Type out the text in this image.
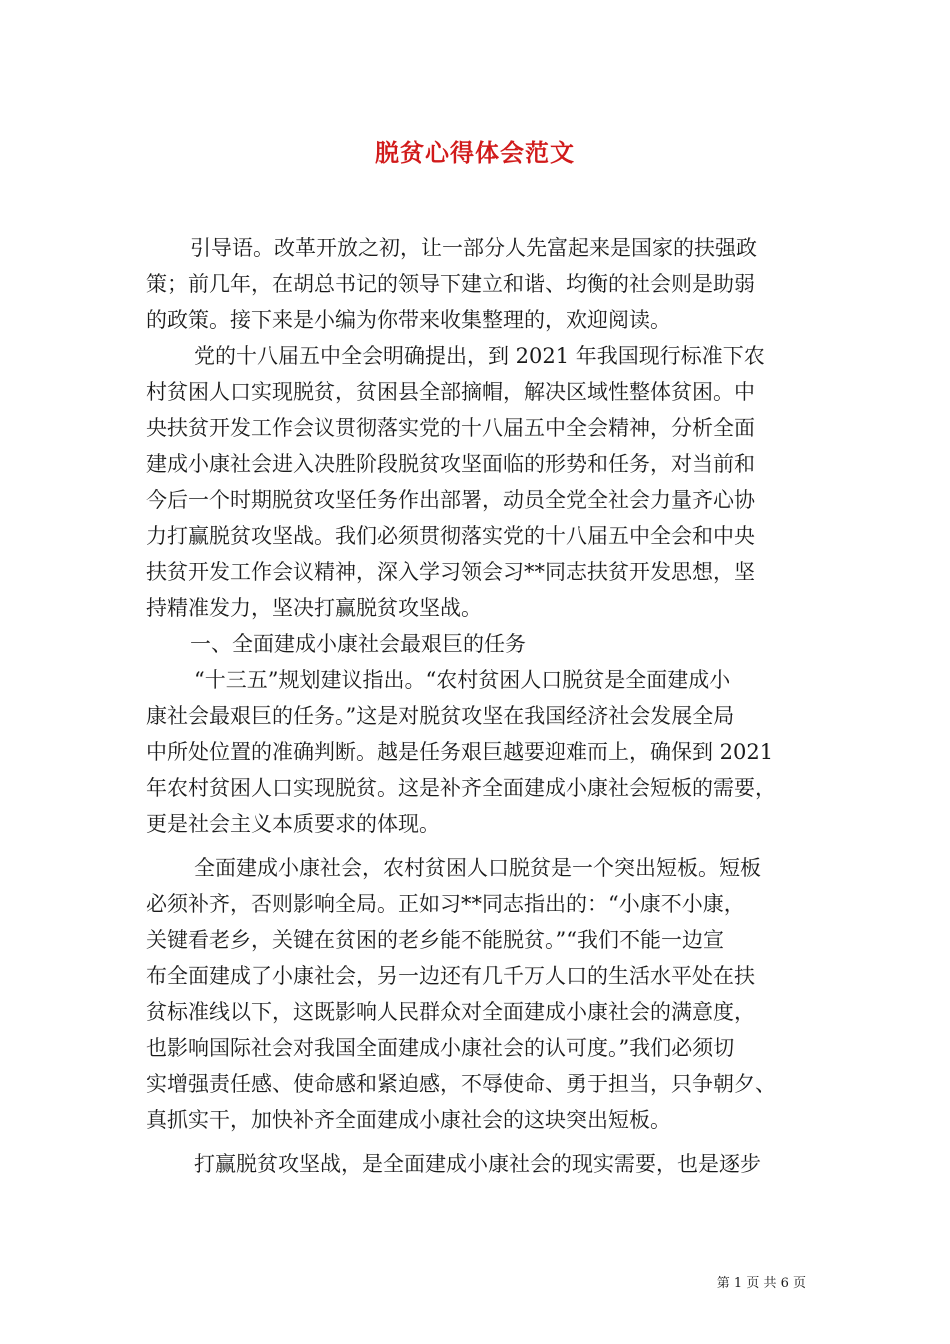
脱贫心得体会范文

引导语。改革开放之初，让一部分人先富起来是国家的扶强政

策；前几年，在胡总书记的领导下建立和谐、均衡的社会则是助弱

的政策。接下来是小编为你带来收集整理的，欢迎阅读。

党的十八届五中全会明确提出，到 2021 年我国现行标准下农

村贫困人口实现脱贫，贫困县全部摘帽，解决区域性整体贫困。中

央扶贫开发工作会议贯彻落实党的十八届五中全会精神，分析全面

建成小康社会进入决胜阶段脱贫攻坚面临的形势和任务，对当前和

今后一个时期脱贫攻坚任务作出部署，动员全党全社会力量齐心协

力打赢脱贫攻坚战。我们必须贯彻落实党的十八届五中全会和中央

扶贫开发工作会议精神，深入学习领会习**同志扶贫开发思想，坚

持精准发力，坚决打赢脱贫攻坚战。

一、全面建成小康社会最艰巨的任务

“十三五”规划建议指出。“农村贫困人口脱贫是全面建成小

康社会最艰巨的任务。”这是对脱贫攻坚在我国经济社会发展全局

中所处位置的准确判断。越是任务艰巨越要迎难而上，确保到 2021

年农村贫困人口实现脱贫。这是补齐全面建成小康社会短板的需要，

更是社会主义本质要求的体现。

全面建成小康社会，农村贫困人口脱贫是一个突出短板。短板

必须补齐，否则影响全局。正如习**同志指出的：“小康不小康，

关键看老乡，关键在贫困的老乡能不能脱贫。”“我们不能一边宣

布全面建成了小康社会，另一边还有几千万人口的生活水平处在扶

贫标准线以下，这既影响人民群众对全面建成小康社会的满意度，

也影响国际社会对我国全面建成小康社会的认可度。”我们必须切

实增强责任感、使命感和紧迫感，不辱使命、勇于担当，只争朝夕、

真抓实干，加快补齐全面建成小康社会的这块突出短板。

打赢脱贫攻坚战，是全面建成小康社会的现实需要，也是逐步

第 1 页 共 6 页
